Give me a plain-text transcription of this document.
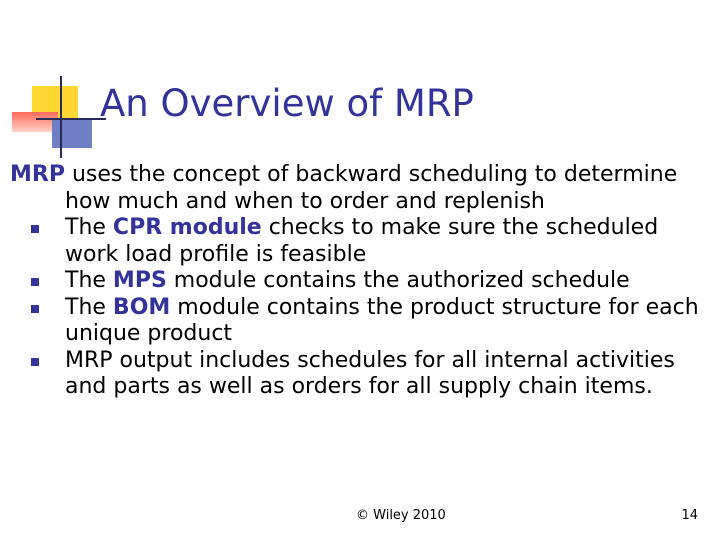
An Overview of MRP
MRP uses the concept of backward scheduling to determine how much and when to order and replenish
The CPR module checks to make sure the scheduled work load profile is feasible
The MPS module contains the authorized schedule
The BOM module contains the product structure for each unique product
MRP output includes schedules for all internal activities and parts as well as orders for all supply chain items.
© Wiley 2010	14
